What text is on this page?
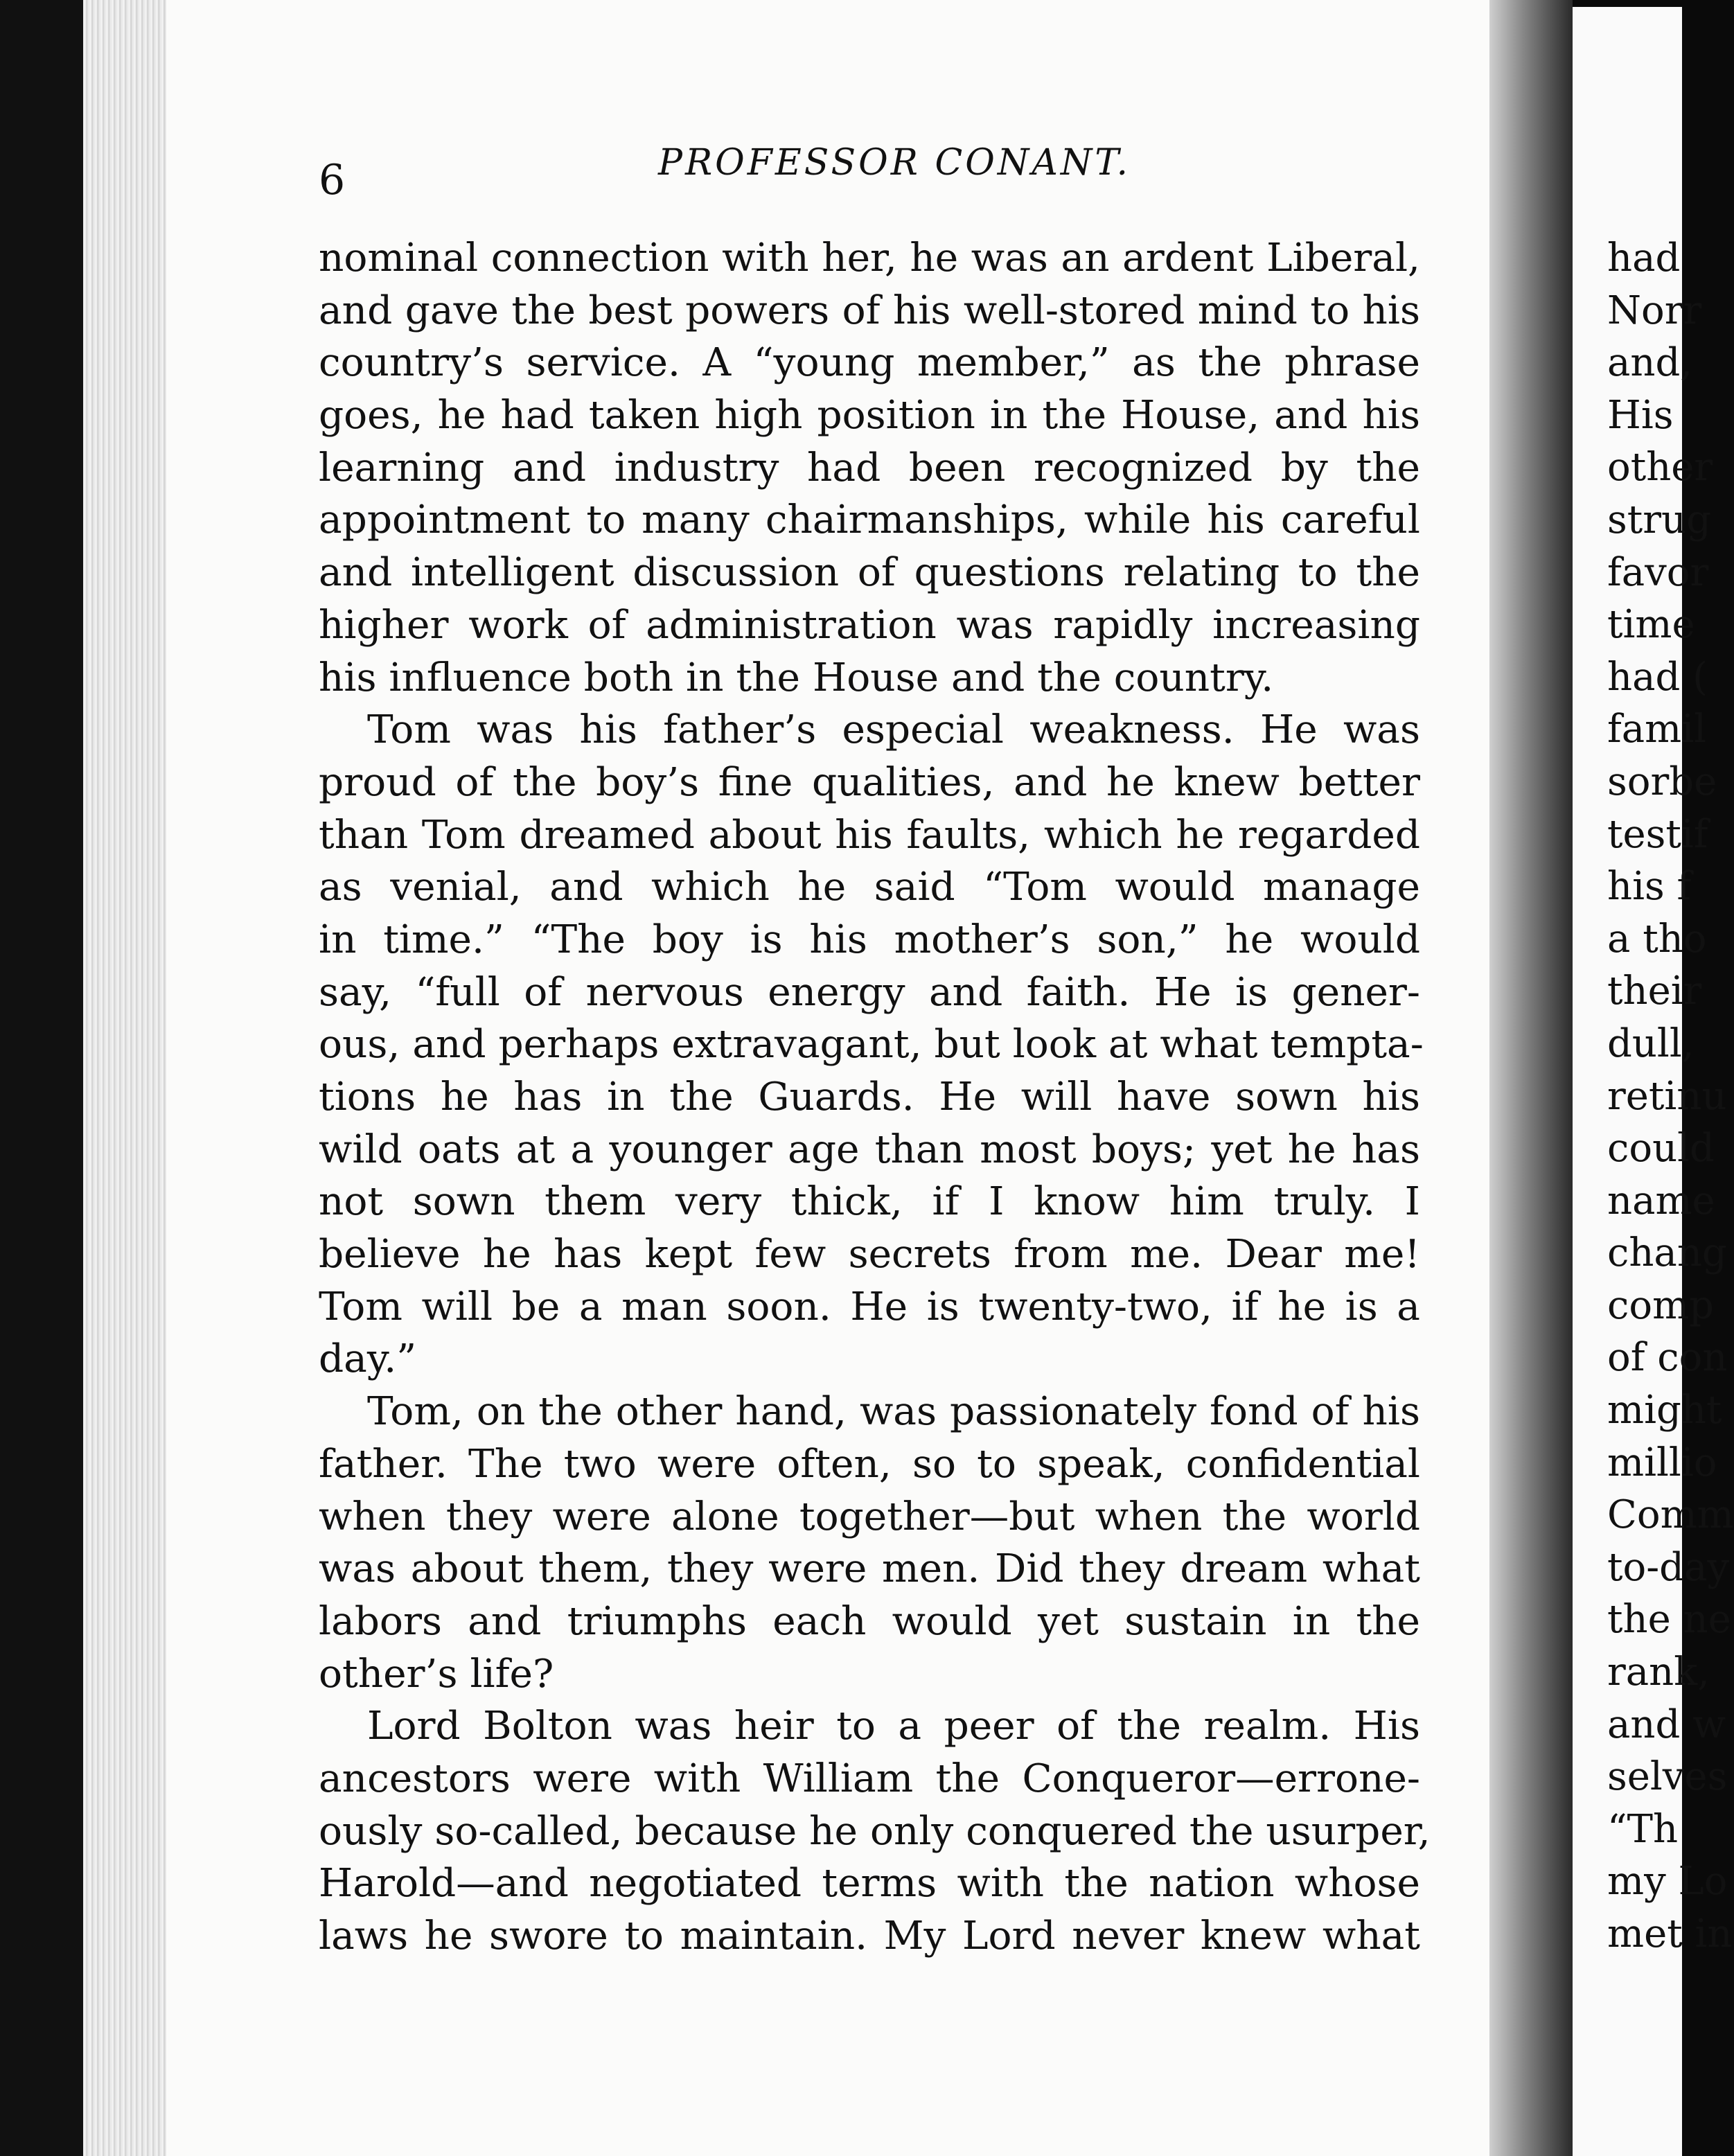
had
Norr
and,
His
other
strug
favor
time
had (
famil
sorbe
testif
his f
a tho
their
dull,
retinu
could
name
chang
comp
of con
might
millio
Comm
to-day
the ne
rank,
and w
selves
“Th
my Lo
met in
6	PROFESSOR CONANT.
nominal connection with her, he was an ardent Liberal,
and gave the best powers of his well-stored mind to his
country’s service. A “young member,” as the phrase
goes, he had taken high position in the House, and his
learning and industry had been recognized by the
appointment to many chairmanships, while his careful
and intelligent discussion of questions relating to the
higher work of administration was rapidly increasing
his influence both in the House and the country.
Tom was his father’s especial weakness. He was
proud of the boy’s fine qualities, and he knew better
than Tom dreamed about his faults, which he regarded
as venial, and which he said “Tom would manage
in time.” “The boy is his mother’s son,” he would
say, “full of nervous energy and faith. He is gener-
ous, and perhaps extravagant, but look at what tempta-
tions he has in the Guards. He will have sown his
wild oats at a younger age than most boys; yet he has
not sown them very thick, if I know him truly. I
believe he has kept few secrets from me. Dear me!
Tom will be a man soon. He is twenty-two, if he is a
day.”
Tom, on the other hand, was passionately fond of his
father. The two were often, so to speak, confidential
when they were alone together—but when the world
was about them, they were men. Did they dream what
labors and triumphs each would yet sustain in the
other’s life?
Lord Bolton was heir to a peer of the realm. His
ancestors were with William the Conqueror—errone-
ously so-called, because he only conquered the usurper,
Harold—and negotiated terms with the nation whose
laws he swore to maintain. My Lord never knew what
